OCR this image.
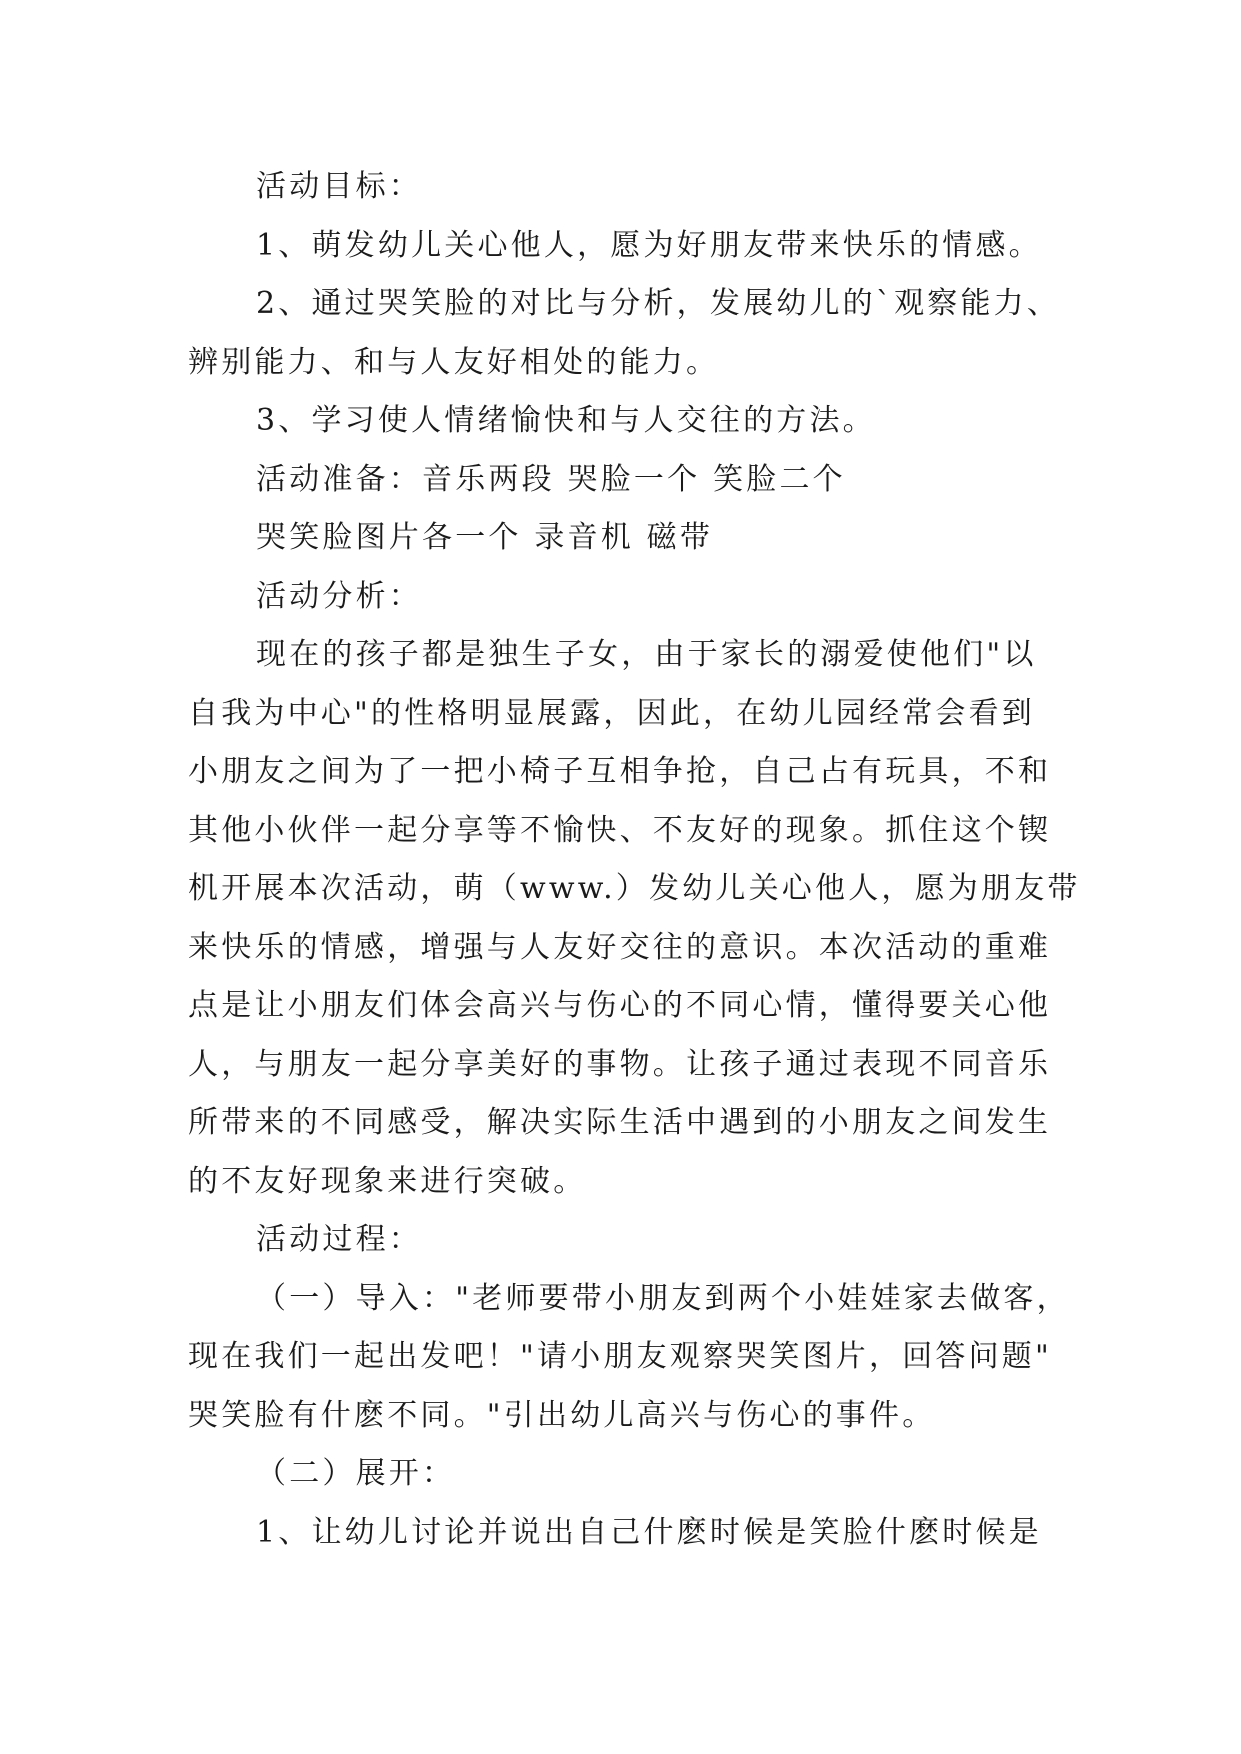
活动目标：
1、萌发幼儿关心他人，愿为好朋友带来快乐的情感。
2、通过哭笑脸的对比与分析，发展幼儿的`观察能力、
辨别能力、和与人友好相处的能力。
3、学习使人情绪愉快和与人交往的方法。
活动准备：音乐两段 哭脸一个 笑脸二个
哭笑脸图片各一个 录音机 磁带
活动分析：
现在的孩子都是独生子女，由于家长的溺爱使他们"以
自我为中心"的性格明显展露，因此，在幼儿园经常会看到
小朋友之间为了一把小椅子互相争抢，自己占有玩具，不和
其他小伙伴一起分享等不愉快、不友好的现象。抓住这个锲
机开展本次活动，萌（www.）发幼儿关心他人，愿为朋友带
来快乐的情感，增强与人友好交往的意识。本次活动的重难
点是让小朋友们体会高兴与伤心的不同心情，懂得要关心他
人，与朋友一起分享美好的事物。让孩子通过表现不同音乐
所带来的不同感受，解决实际生活中遇到的小朋友之间发生
的不友好现象来进行突破。
活动过程：
（一）导入："老师要带小朋友到两个小娃娃家去做客，
现在我们一起出发吧！"请小朋友观察哭笑图片，回答问题"
哭笑脸有什麽不同。"引出幼儿高兴与伤心的事件。
（二）展开：
1、让幼儿讨论并说出自己什麽时候是笑脸什麽时候是
